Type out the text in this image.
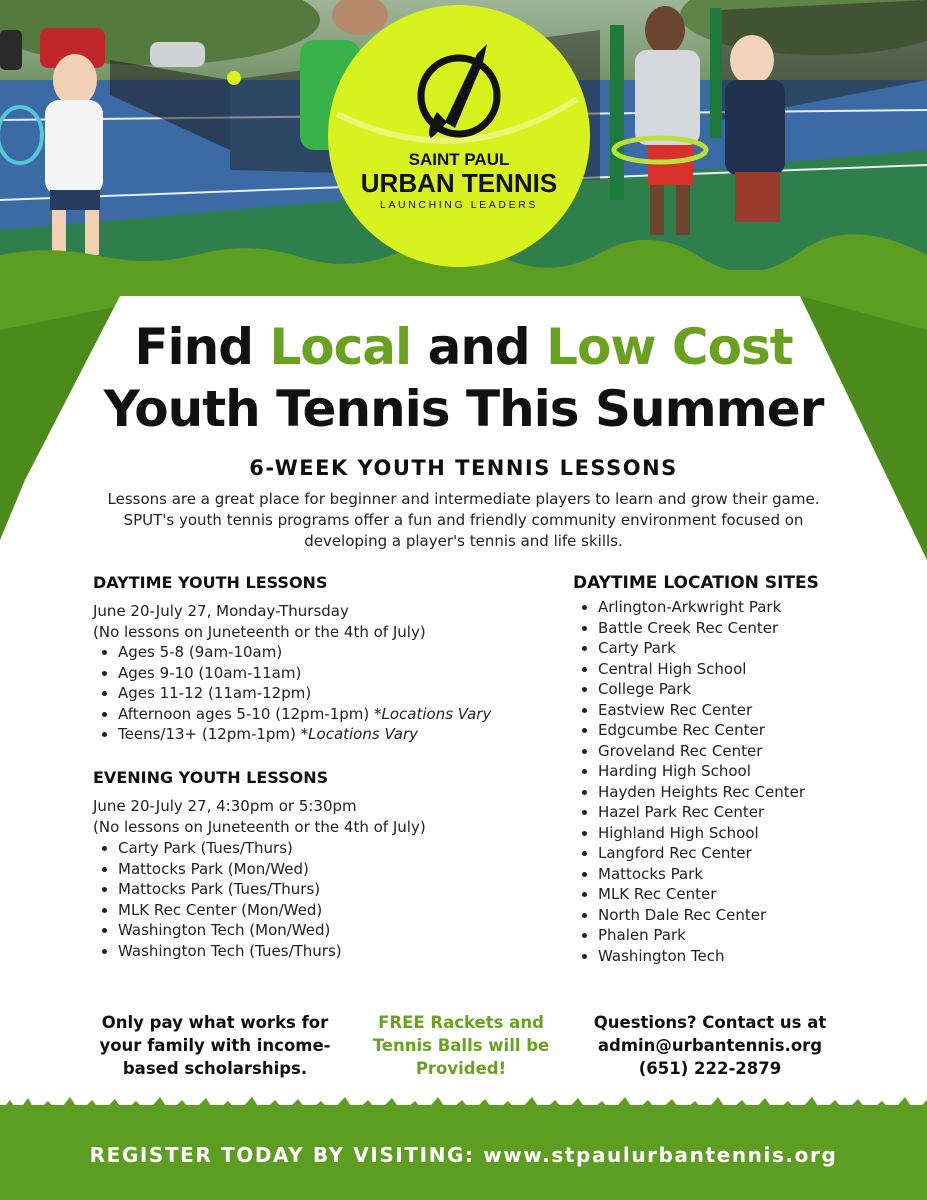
SAINT PAUL
URBAN TENNIS
LAUNCHING LEADERS
Find Local and Low Cost
Youth Tennis This Summer
6-WEEK YOUTH TENNIS LESSONS
Lessons are a great place for beginner and intermediate players to learn and grow their game. SPUT's youth tennis programs offer a fun and friendly community environment focused on developing a player's tennis and life skills.
DAYTIME YOUTH LESSONS
June 20-July 27, Monday-Thursday
(No lessons on Juneteenth or the 4th of July)
• Ages 5-8 (9am-10am)
• Ages 9-10 (10am-11am)
• Ages 11-12 (11am-12pm)
• Afternoon ages 5-10 (12pm-1pm) *Locations Vary
• Teens/13+ (12pm-1pm) *Locations Vary
EVENING YOUTH LESSONS
June 20-July 27, 4:30pm or 5:30pm
(No lessons on Juneteenth or the 4th of July)
• Carty Park (Tues/Thurs)
• Mattocks Park (Mon/Wed)
• Mattocks Park (Tues/Thurs)
• MLK Rec Center (Mon/Wed)
• Washington Tech (Mon/Wed)
• Washington Tech (Tues/Thurs)
DAYTIME LOCATION SITES
• Arlington-Arkwright Park
• Battle Creek Rec Center
• Carty Park
• Central High School
• College Park
• Eastview Rec Center
• Edgcumbe Rec Center
• Groveland Rec Center
• Harding High School
• Hayden Heights Rec Center
• Hazel Park Rec Center
• Highland High School
• Langford Rec Center
• Mattocks Park
• MLK Rec Center
• North Dale Rec Center
• Phalen Park
• Washington Tech
Only pay what works for
your family with income-
based scholarships.
FREE Rackets and
Tennis Balls will be
Provided!
Questions? Contact us at
admin@urbantennis.org
(651) 222-2879
REGISTER TODAY BY VISITING: www.stpaulurbantennis.org
